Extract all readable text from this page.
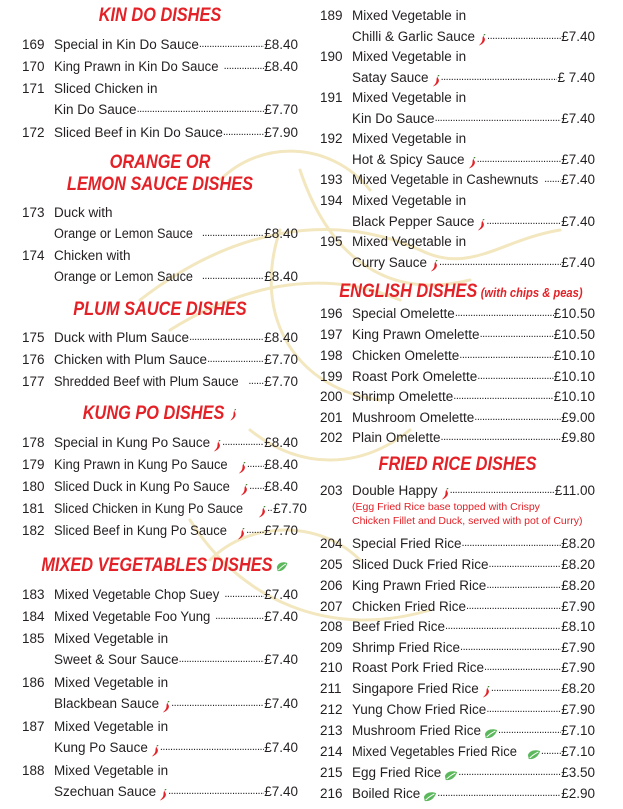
KIN DO DISHES
169 Special in Kin Do Sauce .....	£8.40
170 King Prawn in Kin Do Sauce .....	£8.40
171 Sliced Chicken in
Kin Do Sauce .....	£7.70
172 Sliced Beef in Kin Do Sauce .....	£7.90
ORANGE OR
LEMON SAUCE DISHES
173 Duck with
Orange or Lemon Sauce .....	£8.40
174 Chicken with
Orange or Lemon Sauce .....	£8.40
PLUM SAUCE DISHES
175 Duck with Plum Sauce .....	£8.40
176 Chicken with Plum Sauce .....	£7.70
177 Shredded Beef with Plum Sauce ..... £7.70
KUNG PO DISHES
178 Special in Kung Po Sauce .....	£8.40
179 King Prawn in Kung Po Sauce .....	£8.40
180 Sliced Duck in Kung Po Sauce .....	£8.40
181 Sliced Chicken in Kung Po Sauce ..... £7.70
182 Sliced Beef in Kung Po Sauce .....	£7.70
MIXED VEGETABLES DISHES
183 Mixed Vegetable Chop Suey .....	£7.40
184 Mixed Vegetable Foo Yung .....	£7.40
185 Mixed Vegetable in
Sweet & Sour Sauce .....	£7.40
186 Mixed Vegetable in
Blackbean Sauce .....	£7.40
187 Mixed Vegetable in
Kung Po Sauce .....	£7.40
188 Mixed Vegetable in
Szechuan Sauce .....	£7.40
189 Mixed Vegetable in
Chilli & Garlic Sauce .....	£7.40
190 Mixed Vegetable in
Satay Sauce .....	£ 7.40
191 Mixed Vegetable in
Kin Do Sauce .....	£7.40
192 Mixed Vegetable in
Hot & Spicy Sauce .....	£7.40
193 Mixed Vegetable in Cashewnuts ..... £7.40
194 Mixed Vegetable in
Black Pepper Sauce .....	£7.40
195 Mixed Vegetable in
Curry Sauce .....	£7.40
ENGLISH DISHES (with chips & peas)
196 Special Omelette .....	£10.50
197 King Prawn Omelette .....	£10.50
198 Chicken Omelette .....	£10.10
199 Roast Pork Omelette .....	£10.10
200 Shrimp Omelette .....	£10.10
201 Mushroom Omelette .....	£9.00
202 Plain Omelette .....	£9.80
FRIED RICE DISHES
203 Double Happy .....	£11.00
(Egg Fried Rice base topped with Crispy
Chicken Fillet and Duck, served with pot of Curry)
204 Special Fried Rice .....	£8.20
205 Sliced Duck Fried Rice .....	£8.20
206 King Prawn Fried Rice .....	£8.20
207 Chicken Fried Rice .....	£7.90
208 Beef Fried Rice .....	£8.10
209 Shrimp Fried Rice .....	£7.90
210 Roast Pork Fried Rice .....	£7.90
211 Singapore Fried Rice .....	£8.20
212 Yung Chow Fried Rice .....	£7.90
213 Mushroom Fried Rice .....	£7.10
214 Mixed Vegetables Fried Rice .....	£7.10
215 Egg Fried Rice .....	£3.50
216 Boiled Rice .....	£2.90
